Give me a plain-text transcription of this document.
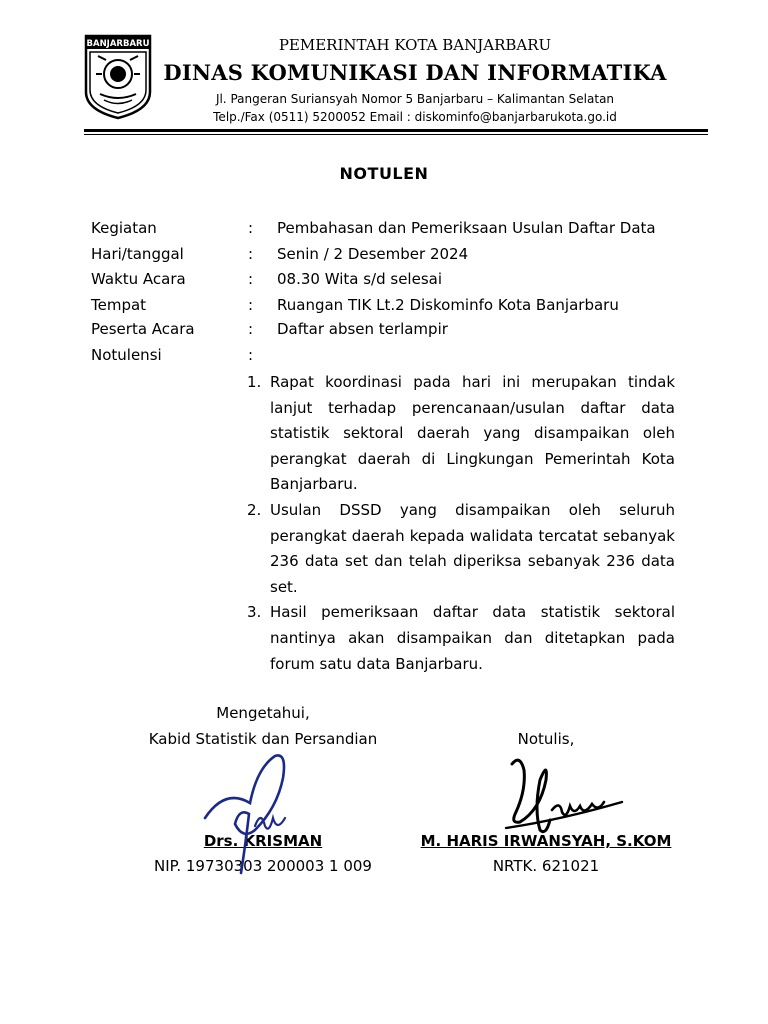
BANJARBARU	PEMERINTAH KOTA BANJARBARU
DINAS KOMUNIKASI DAN INFORMATIKA
Jl. Pangeran Suriansyah Nomor 5 Banjarbaru – Kalimantan Selatan
Telp./Fax (0511) 5200052 Email : diskominfo@banjarbarukota.go.id
NOTULEN
Kegiatan	: Pembahasan dan Pemeriksaan Usulan Daftar Data
Hari/tanggal	: Senin / 2 Desember 2024
Waktu Acara	: 08.30 Wita s/d selesai
Tempat	: Ruangan TIK Lt.2 Diskominfo Kota Banjarbaru
Peserta Acara	: Daftar absen terlampir
Notulensi	:
1. Rapat koordinasi pada hari ini merupakan tindak lanjut terhadap perencanaan/usulan daftar data statistik sektoral daerah yang disampaikan oleh perangkat daerah di Lingkungan Pemerintah Kota Banjarbaru.
2. Usulan DSSD yang disampaikan oleh seluruh perangkat daerah kepada walidata tercatat sebanyak 236 data set dan telah diperiksa sebanyak 236 data set.
3. Hasil pemeriksaan daftar data statistik sektoral nantinya akan disampaikan dan ditetapkan pada forum satu data Banjarbaru.
Mengetahui,
Kabid Statistik dan Persandian
Drs. KRISMAN
NIP. 19730303 200003 1 009
Notulis,
M. HARIS IRWANSYAH, S.KOM
NRTK. 621021
